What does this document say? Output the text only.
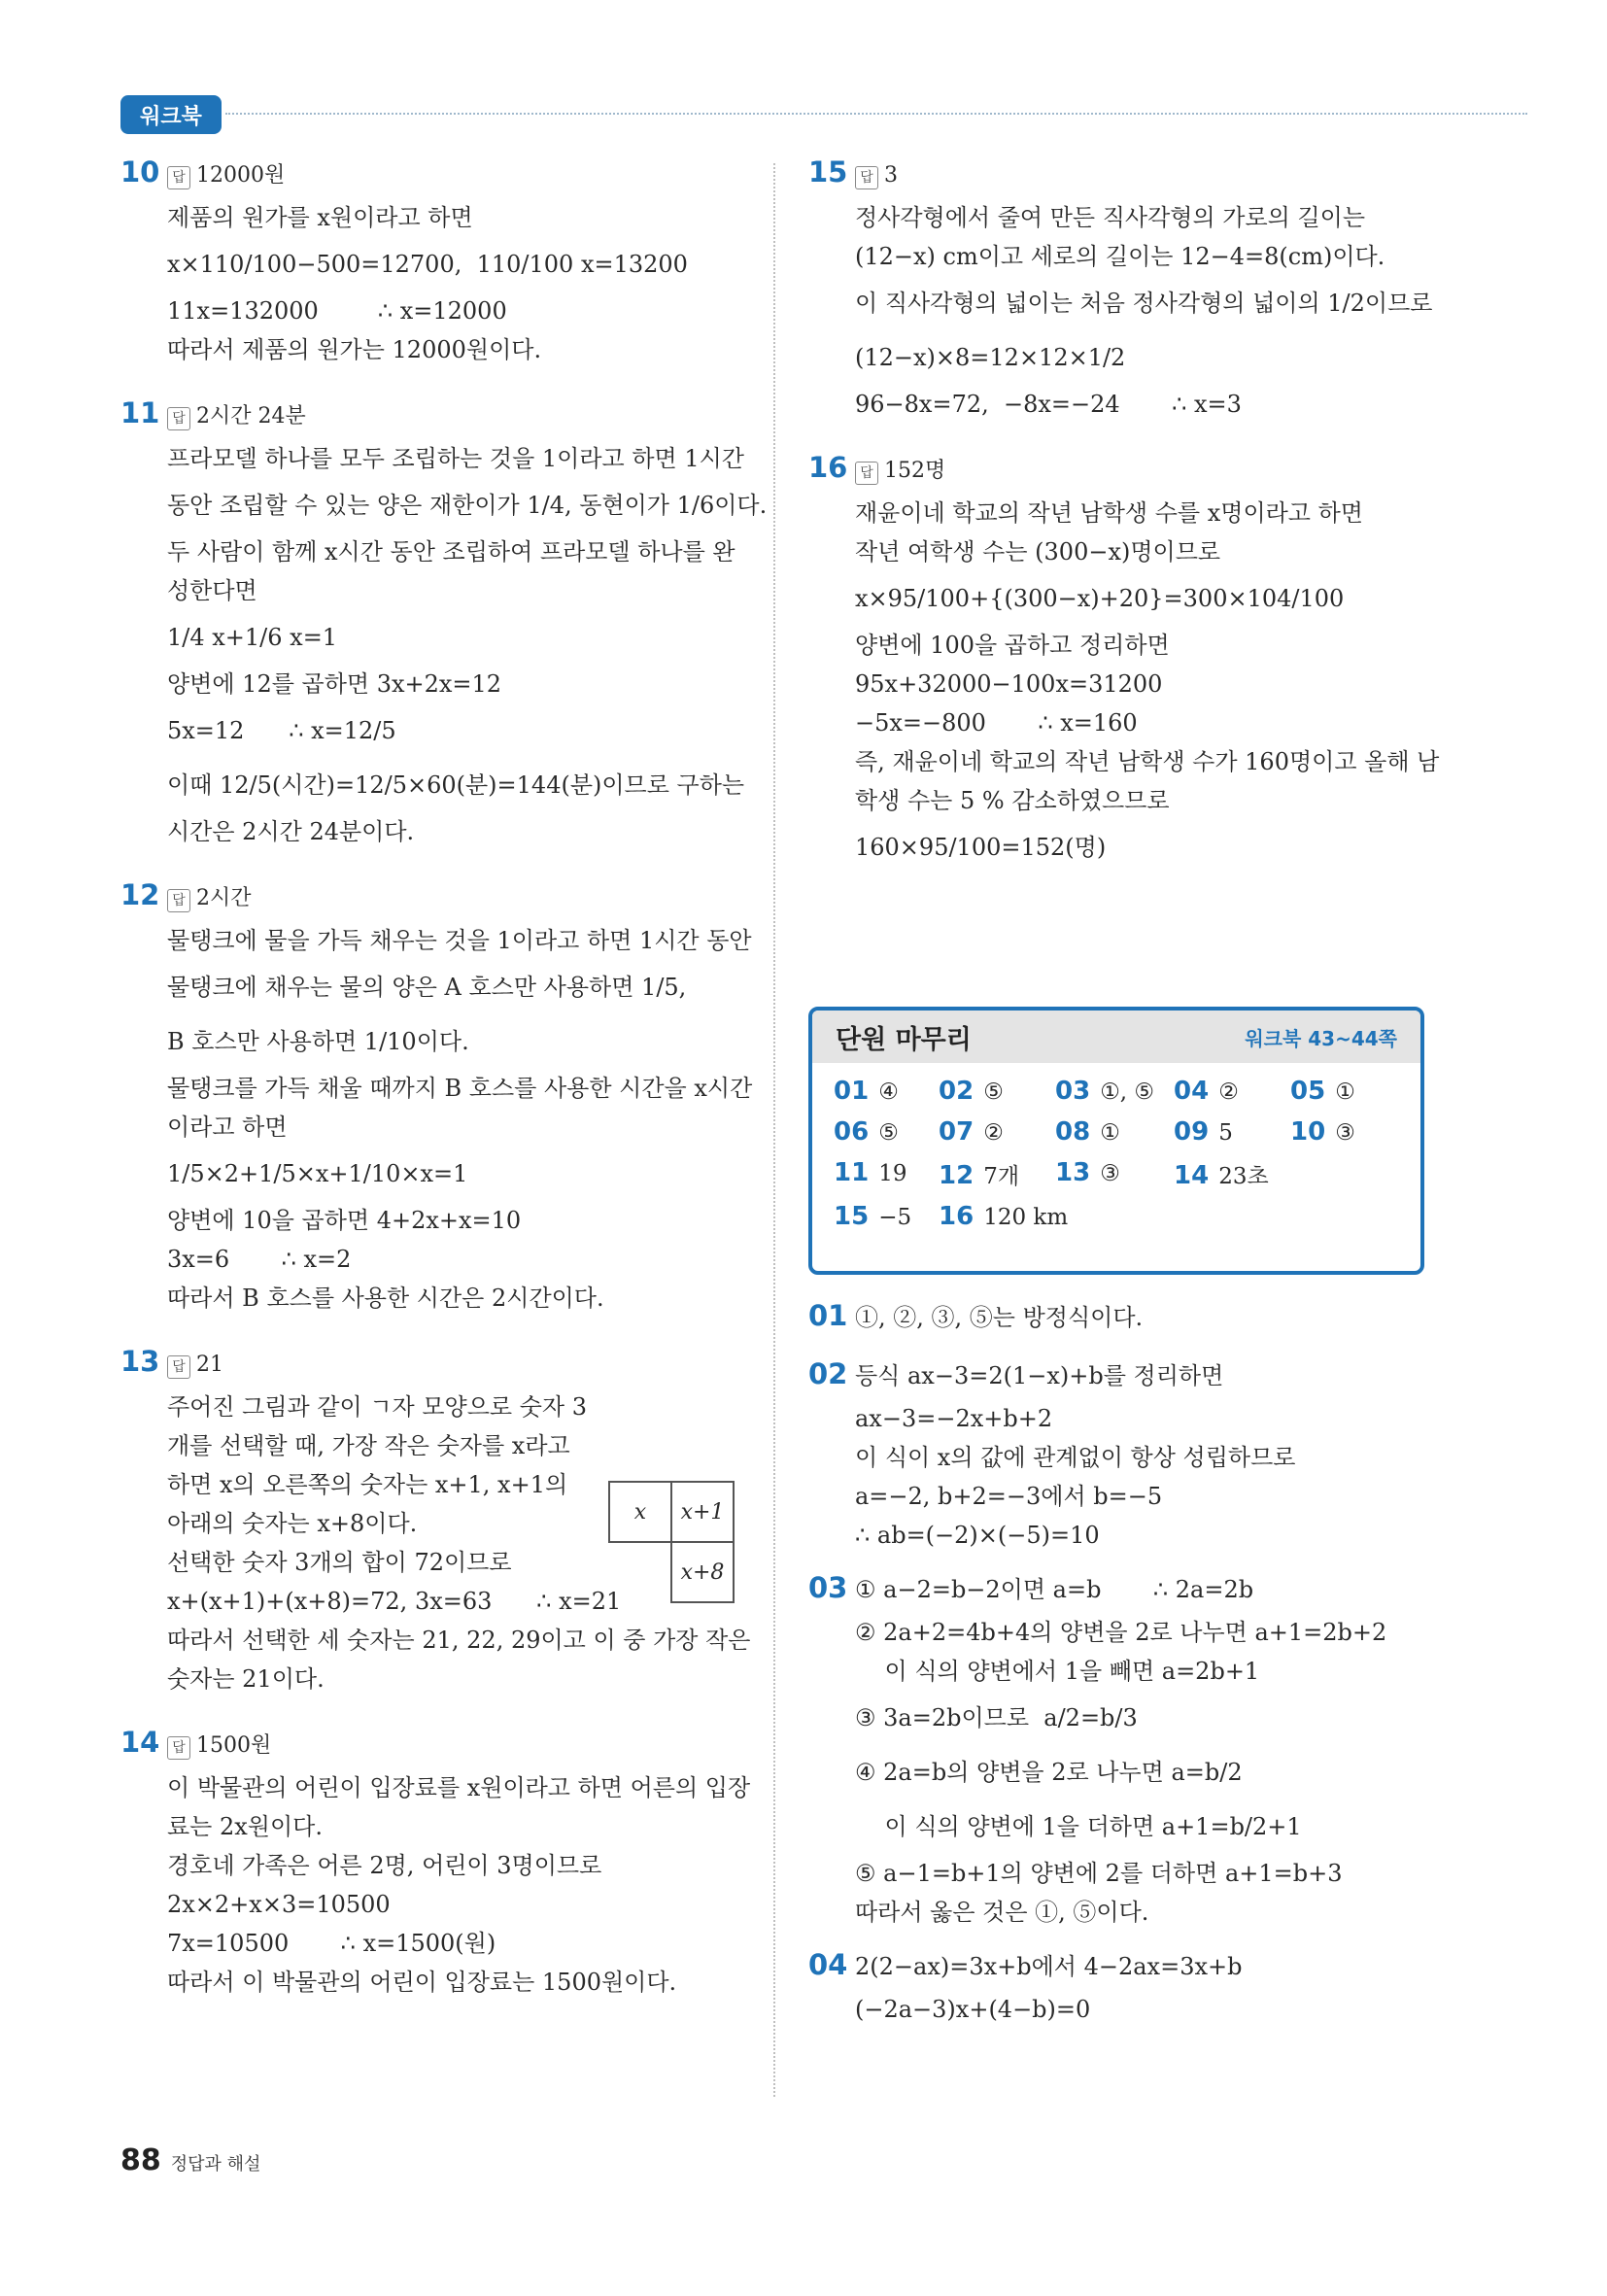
워크북
10 답 12000원
제품의 원가를 x원이라고 하면
x×110/100−500=12700,  110/100 x=13200
11x=132000        ∴ x=12000
따라서 제품의 원가는 12000원이다.
11 답 2시간 24분
프라모델 하나를 모두 조립하는 것을 1이라고 하면 1시간
동안 조립할 수 있는 양은 재한이가 1/4, 동현이가 1/6이다.
두 사람이 함께 x시간 동안 조립하여 프라모델 하나를 완
성한다면
1/4 x+1/6 x=1
양변에 12를 곱하면 3x+2x=12
5x=12      ∴ x=12/5
이때 12/5(시간)=12/5×60(분)=144(분)이므로 구하는
시간은 2시간 24분이다.
12 답 2시간
물탱크에 물을 가득 채우는 것을 1이라고 하면 1시간 동안
물탱크에 채우는 물의 양은 A 호스만 사용하면 1/5,
B 호스만 사용하면 1/10이다.
물탱크를 가득 채울 때까지 B 호스를 사용한 시간을 x시간
이라고 하면
1/5×2+1/5×x+1/10×x=1
양변에 10을 곱하면 4+2x+x=10
3x=6       ∴ x=2
따라서 B 호스를 사용한 시간은 2시간이다.
13 답 21
주어진 그림과 같이 ㄱ자 모양으로 숫자 3
개를 선택할 때, 가장 작은 숫자를 x라고
하면 x의 오른쪽의 숫자는 x+1, x+1의
아래의 숫자는 x+8이다.
선택한 숫자 3개의 합이 72이므로
x+(x+1)+(x+8)=72, 3x=63      ∴ x=21
따라서 선택한 세 숫자는 21, 22, 29이고 이 중 가장 작은
숫자는 21이다.
14 답 1500원
이 박물관의 어린이 입장료를 x원이라고 하면 어른의 입장
료는 2x원이다.
경호네 가족은 어른 2명, 어린이 3명이므로
2x×2+x×3=10500
7x=10500       ∴ x=1500(원)
따라서 이 박물관의 어린이 입장료는 1500원이다.
x	x+1
	x+8
15 답 3
정사각형에서 줄여 만든 직사각형의 가로의 길이는
(12−x) cm이고 세로의 길이는 12−4=8(cm)이다.
이 직사각형의 넓이는 처음 정사각형의 넓이의 1/2이므로
(12−x)×8=12×12×1/2
96−8x=72,  −8x=−24       ∴ x=3
16 답 152명
재윤이네 학교의 작년 남학생 수를 x명이라고 하면
작년 여학생 수는 (300−x)명이므로
x×95/100+{(300−x)+20}=300×104/100
양변에 100을 곱하고 정리하면
95x+32000−100x=31200
−5x=−800       ∴ x=160
즉, 재윤이네 학교의 작년 남학생 수가 160명이고 올해 남
학생 수는 5 % 감소하였으므로
160×95/100=152(명)
단원 마무리	워크북 43~44쪽
01 ④	02 ⑤	03 ①, ⑤ 04 ②	05 ①
06 ⑤	07 ②	08 ①	09 5	10 ③
11 19	12 7개	13 ③	14 23초
15 −5	16 120 km
01 ①, ②, ③, ⑤는 방정식이다.
02 등식 ax−3=2(1−x)+b를 정리하면
ax−3=−2x+b+2
이 식이 x의 값에 관계없이 항상 성립하므로
a=−2, b+2=−3에서 b=−5
∴ ab=(−2)×(−5)=10
03 ① a−2=b−2이면 a=b       ∴ 2a=2b
② 2a+2=4b+4의 양변을 2로 나누면 a+1=2b+2
이 식의 양변에서 1을 빼면 a=2b+1
③ 3a=2b이므로  a/2=b/3
④ 2a=b의 양변을 2로 나누면 a=b/2
이 식의 양변에 1을 더하면 a+1=b/2+1
⑤ a−1=b+1의 양변에 2를 더하면 a+1=b+3
따라서 옳은 것은 ①, ⑤이다.
04 2(2−ax)=3x+b에서 4−2ax=3x+b
(−2a−3)x+(4−b)=0
88 정답과 해설
